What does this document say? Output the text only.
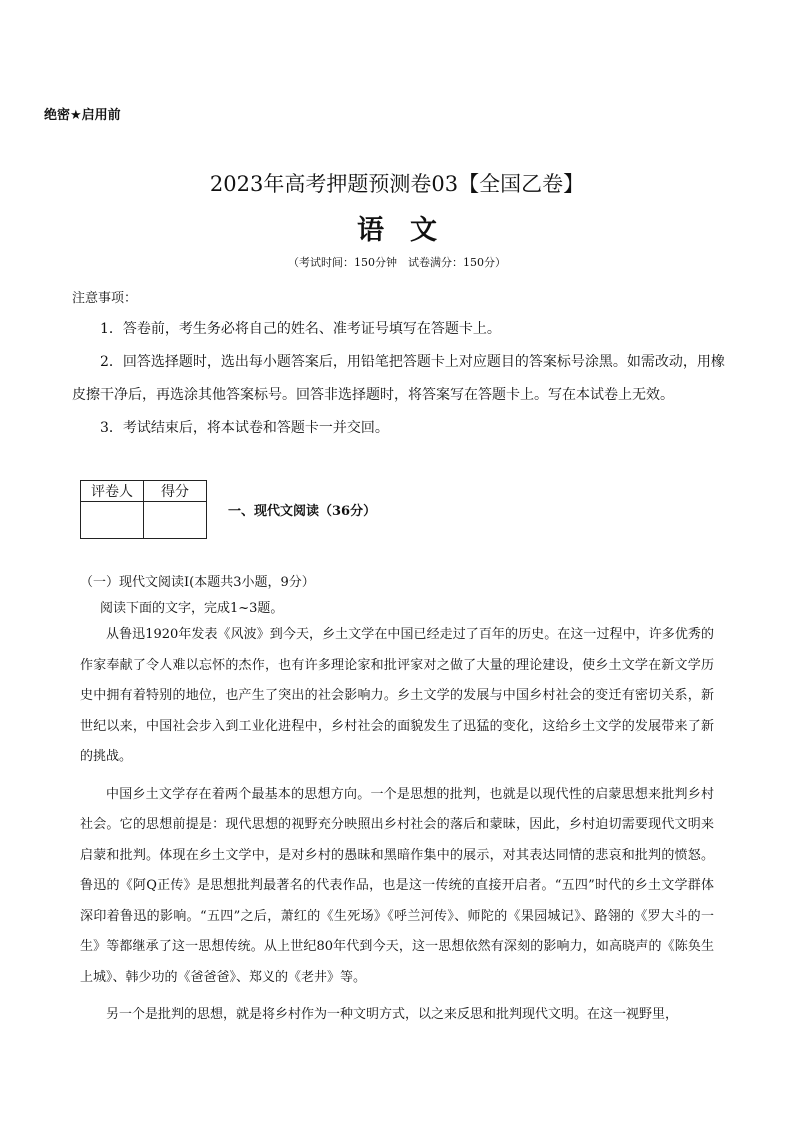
绝密★启用前
2023年高考押题预测卷03【全国乙卷】
语文
（考试时间：150分钟　试卷满分：150分）
注意事项：

1．答卷前，考生务必将自己的姓名、准考证号填写在答题卡上。

2．回答选择题时，选出每小题答案后，用铅笔把答题卡上对应题目的答案标号涂黑。如需改动，用橡皮擦干净后，再选涂其他答案标号。回答非选择题时，将答案写在答题卡上。写在本试卷上无效。

3．考试结束后，将本试卷和答题卡一并交回。

评卷人	得分

一、现代文阅读（36分）
（一）现代文阅读Ⅰ(本题共3小题，9分）
阅读下面的文字，完成1~3题。

从鲁迅1920年发表《风波》到今天，乡土文学在中国已经走过了百年的历史。在这一过程中，许多优秀的作家奉献了令人难以忘怀的杰作，也有许多理论家和批评家对之做了大量的理论建设，使乡土文学在新文学历史中拥有着特别的地位，也产生了突出的社会影响力。乡土文学的发展与中国乡村社会的变迁有密切关系，新世纪以来，中国社会步入到工业化进程中，乡村社会的面貌发生了迅猛的变化，这给乡土文学的发展带来了新的挑战。

中国乡土文学存在着两个最基本的思想方向。一个是思想的批判，也就是以现代性的启蒙思想来批判乡村社会。它的思想前提是：现代思想的视野充分映照出乡村社会的落后和蒙昧，因此，乡村迫切需要现代文明来启蒙和批判。体现在乡土文学中，是对乡村的愚昧和黑暗作集中的展示，对其表达同情的悲哀和批判的愤怒。鲁迅的《阿Q正传》是思想批判最著名的代表作品，也是这一传统的直接开启者。“五四”时代的乡土文学群体深印着鲁迅的影响。“五四”之后，萧红的《生死场》《呼兰河传》、师陀的《果园城记》、路翎的《罗大斗的一生》等都继承了这一思想传统。从上世纪80年代到今天，这一思想依然有深刻的影响力，如高晓声的《陈奂生上城》、韩少功的《爸爸爸》、郑义的《老井》等。

另一个是批判的思想，就是将乡村作为一种文明方式，以之来反思和批判现代文明。在这一视野里，
